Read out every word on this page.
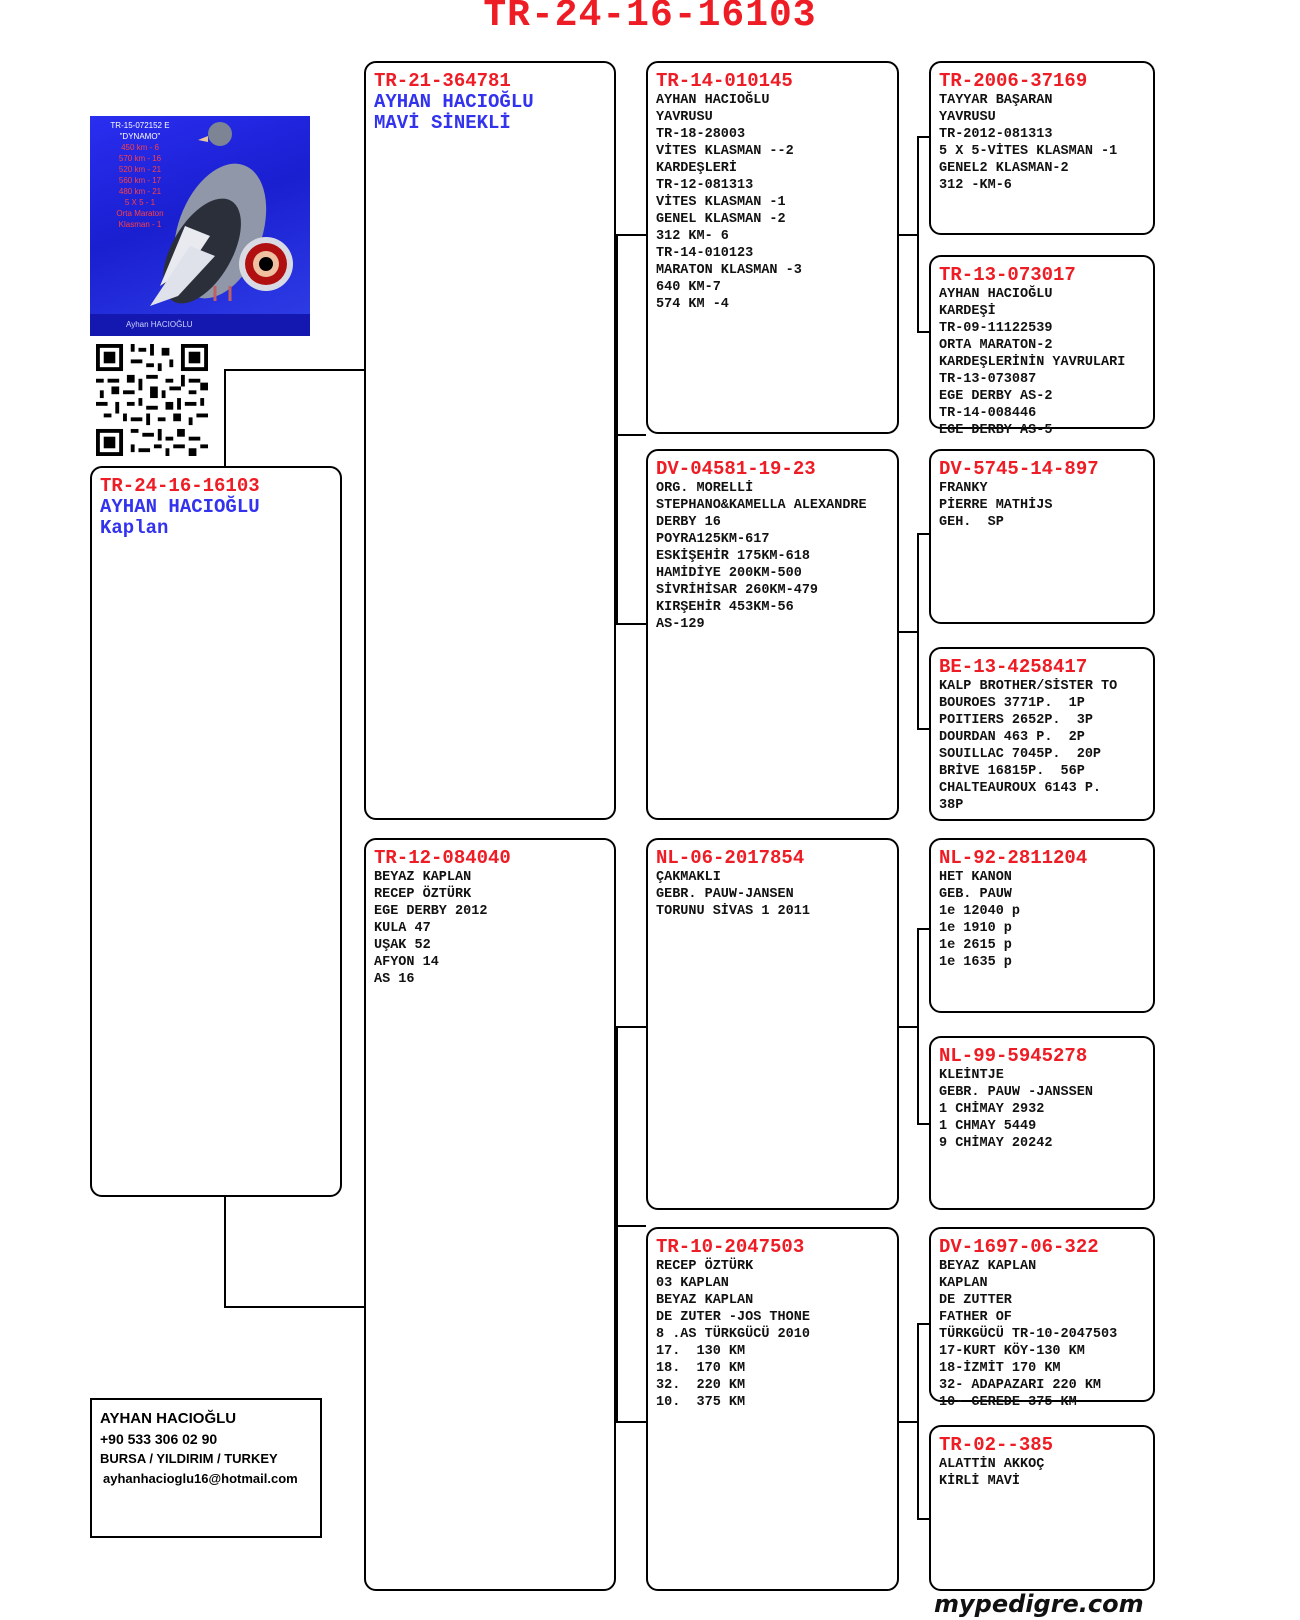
TR-24-16-16103
TR-15-072152 E
"DYNAMO"
450 km - 6
570 km - 16
520 km - 21
560 km - 17
480 km - 21
5 X 5 - 1
Orta Maraton Klasman - 1
Ayhan HACIOĞLU
TR-24-16-16103
AYHAN HACIOĞLU
Kaplan
TR-21-364781
AYHAN HACIOĞLU
MAVİ SİNEKLİ
TR-12-084040
BEYAZ KAPLAN
RECEP ÖZTÜRK
EGE DERBY 2012
KULA 47
UŞAK 52
AFYON 14
AS 16
TR-14-010145
AYHAN HACIOĞLU
YAVRUSU
TR-18-28003
VİTES KLASMAN --2
KARDEŞLERİ
TR-12-081313
VİTES KLASMAN -1
GENEL KLASMAN -2
312 KM- 6
TR-14-010123
MARATON KLASMAN -3
640 KM-7
574 KM -4
DV-04581-19-23
ORG. MORELLİ
STEPHANO&KAMELLA ALEXANDRE
DERBY 16
POYRA125KM-617
ESKİŞEHİR 175KM-618
HAMİDİYE 200KM-500
SİVRİHİSAR 260KM-479
KIRŞEHİR 453KM-56
AS-129
NL-06-2017854
ÇAKMAKLI
GEBR. PAUW-JANSEN
TORUNU SİVAS 1 2011
TR-10-2047503
RECEP ÖZTÜRK
03 KAPLAN
BEYAZ KAPLAN
DE ZUTER -JOS THONE
8 .AS TÜRKGÜCÜ 2010
17.  130 KM
18.  170 KM
32.  220 KM
10.  375 KM
TR-2006-37169
TAYYAR BAŞARAN
YAVRUSU
TR-2012-081313
5 X 5-VİTES KLASMAN -1
GENEL2 KLASMAN-2
312 -KM-6
TR-13-073017
AYHAN HACIOĞLU
KARDEŞİ
TR-09-11122539
ORTA MARATON-2
KARDEŞLERİNİN YAVRULARI
TR-13-073087
EGE DERBY AS-2
TR-14-008446
EGE DERBY AS-5
DV-5745-14-897
FRANKY
PİERRE MATHİJS
GEH.  SP
BE-13-4258417
KALP BROTHER/SİSTER TO
BOUROES 3771P.  1P
POITIERS 2652P.  3P
DOURDAN 463 P.  2P
SOUILLAC 7045P.  20P
BRİVE 16815P.  56P
CHALTEAUROUX 6143 P.
38P
NL-92-2811204
HET KANON
GEB. PAUW
1e 12040 p
1e 1910 p
1e 2615 p
1e 1635 p
NL-99-5945278
KLEİNTJE
GEBR. PAUW -JANSSEN
1 CHİMAY 2932
1 CHMAY 5449
9 CHİMAY 20242
DV-1697-06-322
BEYAZ KAPLAN
KAPLAN
DE ZUTTER
FATHER OF
TÜRKGÜCÜ TR-10-2047503
17-KURT KÖY-130 KM
18-İZMİT 170 KM
32- ADAPAZARI 220 KM
10- GEREDE 375 KM
TR-02--385
ALATTİN AKKOÇ
KİRLİ MAVİ
AYHAN HACIOĞLU
+90 533 306 02 90
BURSA / YILDIRIM / TURKEY
ayhanhacioglu16@hotmail.com
mypedigre.com
